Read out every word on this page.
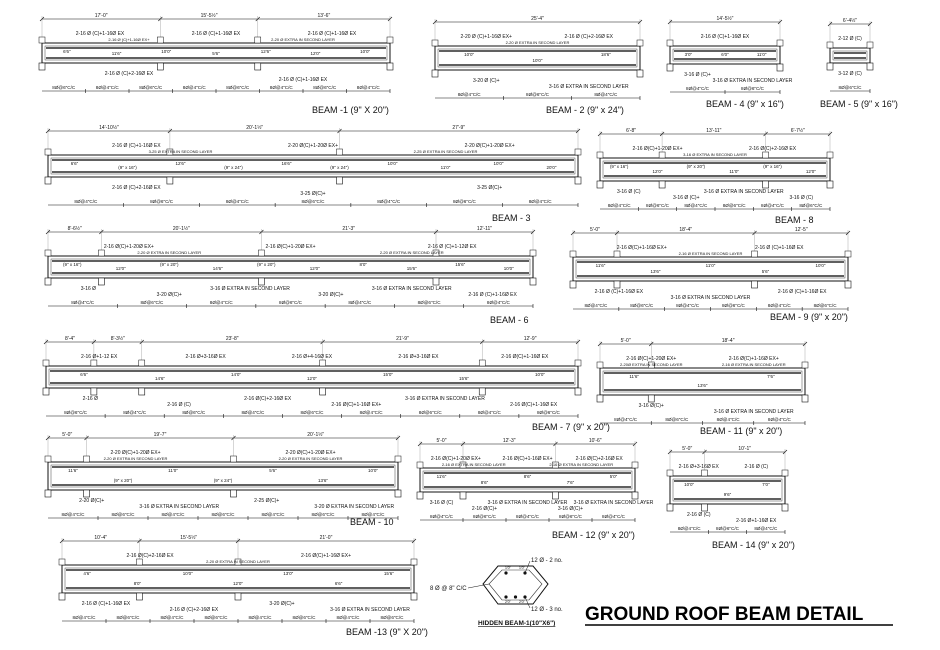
17'-0"	15'-5½"	13'-6"
2-16 Ø (C)+1-16Ø EX	2-16 Ø (C)+1-16Ø EX	2-16 Ø (C)+1-16Ø EX
2-16 Ø (C)+1-16Ø EX+	2-20 Ø EXTRA IN SECOND LAYER
6'6"	11'6"	10'0"	5'6"	12'6"	12'0"	10'0"
2-16 Ø (C)+2-16Ø EX
2-16 Ø (C)+1-16Ø EX
8Ø@6"C/C	8Ø@4"C/C	8Ø@6"C/C	8Ø@4"C/C	8Ø@6"C/C	8Ø@4"C/C	8Ø@6"C/C	8Ø@4"C/C
BEAM -1 (9" X 20")
25'-4"
2-20 Ø (C)+1-16Ø EX+	2-16 Ø (C)+2-16Ø EX
2-20 Ø EXTRA IN SECOND LAYER
10'0"
10'0"
18'6"
3-20 Ø (C)+
3-16 Ø EXTRA IN SECOND LAYER
8Ø@4"C/C	8Ø@6"C/C	8Ø@4"C/C
BEAM - 2 (9" x 24")
14'-5½"
2-16 Ø (C)+1-16Ø EX
3'0"	6'0"	11'0"
3-16 Ø (C)+
3-16 Ø EXTRA IN SECOND LAYER
8Ø@4"C/C	8Ø@6"C/C
BEAM - 4 (9" x 16")
6'-4½"
2-12 Ø (C)
3-12 Ø (C)
8Ø@6"C/C
BEAM - 5 (9" x 16")
14'-10½"	20'-1½"	27'-9"
2-16 Ø (C)+1-16Ø EX	2-20 Ø(C)+1-20Ø EX+	2-20 Ø(C)+1-20Ø EX+
3-25 Ø EXTRA IN SECOND LAYER	2-25 Ø EXTRA IN SECOND LAYER
6'6"
(9" x 16")
12'6"
(9" x 24")
16'6"
(9" x 24")
10'0"
11'0"
10'0"
20'0"
2-16 Ø (C)+2-16Ø EX
3-25 Ø(C)+
3-25 Ø(C)+
8Ø@4"C/C	8Ø@6"C/C	8Ø@4"C/C	8Ø@6"C/C	8Ø@4"C/C	8Ø@6"C/C	8Ø@4"C/C
BEAM - 3
6'-8"	13'-11"	6'-7½"
2-16 Ø(C)+1-20Ø EX+	2-16 Ø(C)+2-16Ø EX
3-16 Ø EXTRA IN SECOND LAYER
(9" x 16")
12'0"
(9" x 20")
11'0"
(9" x 16")
12'0"
3-16 Ø (C)
3-16 Ø (C)+
3-16 Ø EXTRA IN SECOND LAYER
3-16 Ø (C)
8Ø@4"C/C	8Ø@6"C/C	8Ø@4"C/C	8Ø@6"C/C	8Ø@4"C/C	8Ø@6"C/C
BEAM - 8
8'-6½"	20'-1½"	21'-3"	12'-11"
2-16 Ø(C)+1-20Ø EX+	2-16 Ø(C)+1-20Ø EX+	2-16 Ø (C)+1-12Ø EX
2-20 Ø EXTRA IN SECOND LAYER	2-20 Ø EXTRA IN SECOND LAYER
(9" x 16")
12'0"
(9" x 20")
14'6"
(9" x 20")
12'0"
8'0"
15'6"
15'6"
10'0"
3-16 Ø
3-20 Ø(C)+
3-16 Ø EXTRA IN SECOND LAYER
3-20 Ø(C)+
3-16 Ø EXTRA IN SECOND LAYER
2-16 Ø (C)+1-16Ø EX
8Ø@4"C/C	8Ø@6"C/C	8Ø@4"C/C	8Ø@6"C/C	8Ø@4"C/C	8Ø@6"C/C	8Ø@4"C/C
BEAM - 6
5'-0"	18'-4"	12'-5"
2-16 Ø(C)+1-16Ø EX+	2-16 Ø (C)+1-16Ø EX
2-16 Ø EXTRA IN SECOND LAYER
11'6"
13'6"
11'0"
5'6"
10'0"
2-16 Ø (C)+1-16Ø EX
3-16 Ø EXTRA IN SECOND LAYER
2-16 Ø (C)+1-16Ø EX
8Ø@4"C/C	8Ø@6"C/C	8Ø@4"C/C	8Ø@6"C/C	8Ø@4"C/C	8Ø@6"C/C
BEAM - 9 (9" x 20")
8'-4"	8'-3½"	23'-8"	21'-9"	12'-9"
2-16 Ø+1-12 EX	2-16 Ø+3-16Ø EX	2-16 Ø+4-16Ø EX	2-16 Ø+3-16Ø EX	2-16 Ø(C)+1-16Ø EX
6'6"
14'6"
14'0"
12'0"
15'0"
15'6"
10'0"
2-16 Ø
2-16 Ø (C)
2-16 Ø(C)+2-16Ø EX
2-16 Ø(C)+1-16Ø EX+
3-16 Ø EXTRA IN SECOND LAYER
2-16 Ø(C)+1-16Ø EX
8Ø@6"C/C	8Ø@4"C/C	8Ø@6"C/C	8Ø@4"C/C	8Ø@6"C/C	8Ø@4"C/C	8Ø@6"C/C	8Ø@4"C/C	8Ø@6"C/C
BEAM - 7 (9" x 20")
5'-0"	18'-4"
2-16 Ø(C)+1-20Ø EX+	2-16 Ø(C)+1-16Ø EX+
2-20Ø EXTRA IN SECOND LAYER	2-16 Ø EXTRA IN SECOND LAYER
11'6"
13'6"
7'6"
3-16 Ø(C)+
3-16 Ø EXTRA IN SECOND LAYER
8Ø@4"C/C	8Ø@6"C/C	8Ø@4"C/C	8Ø@4"C/C
BEAM - 11 (9" x 20")
5'-0"	19'-7"	20'-1½"
2-20 Ø(C)+1-20Ø EX+	2-20 Ø(C)+1-20Ø EX+
2-20 Ø EXTRA IN SECOND LAYER	2-20 Ø EXTRA IN SECOND LAYER
11'6"
(9" x 20")
11'0"
(9" x 24")
5'6"
13'6"
10'0"
2-20 Ø(C)+
3-16 Ø EXTRA IN SECOND LAYER
2-25 Ø(C)+
3-20 Ø EXTRA IN SECOND LAYER
8Ø@4"C/C	8Ø@6"C/C	8Ø@4"C/C	8Ø@6"C/C	8Ø@4"C/C	8Ø@6"C/C	8Ø@4"C/C
BEAM - 10
5'-0"	12'-3"	10'-6"
2-16 Ø(C)+1-20Ø EX+	2-16 Ø(C)+1-16Ø EX+	2-16 Ø(C)+2-16Ø EX
2-16 Ø EXTRA IN SECOND LAYER	2-16 Ø EXTRA IN SECOND LAYER
11'6"
8'6"
8'6"
7'6"
5'0"
3-16 Ø (C)
2-16 Ø(C)+
3-16 Ø EXTRA IN SECOND LAYER
3-16 Ø(C)+
3-16 Ø EXTRA IN SECOND LAYER
8Ø@4"C/C	8Ø@6"C/C	8Ø@4"C/C	8Ø@6"C/C	8Ø@4"C/C
BEAM - 12 (9" x 20")
5'-0"	10'-1"
2-16 Ø+3-16Ø EX	2-16 Ø (C)
10'0"
9'6"
7'0"
2-16 Ø (C)
2-16 Ø+1-16Ø EX
8Ø@4"C/C	8Ø@6"C/C	8Ø@4"C/C
BEAM - 14 (9" x 20")
10'-4"	15'-5½"	21'-0"
2-16 Ø(C)+2-16Ø EX	2-16 Ø(C)+1-16Ø EX+
2-20 Ø EXTRA IN SECOND LAYER
4'6"
8'0"
10'0"
12'0"
13'0"
6'6"
15'6"
2-16 Ø (C)+1-16Ø EX
2-16 Ø (C)+2-16Ø EX
3-20 Ø(C)+
3-16 Ø EXTRA IN SECOND LAYER
8Ø@4"C/C	8Ø@6"C/C	8Ø@4"C/C	8Ø@6"C/C	8Ø@4"C/C	8Ø@6"C/C	8Ø@4"C/C	8Ø@6"C/C
BEAM -13 (9" X 20")
12 Ø - 2 no.
12 Ø - 3 no.
8 Ø @ 8" C/C
1'0" 1'0"
2'0" 2'0"
HIDDEN BEAM-1(10"X6") GROUND ROOF BEAM DETAIL
